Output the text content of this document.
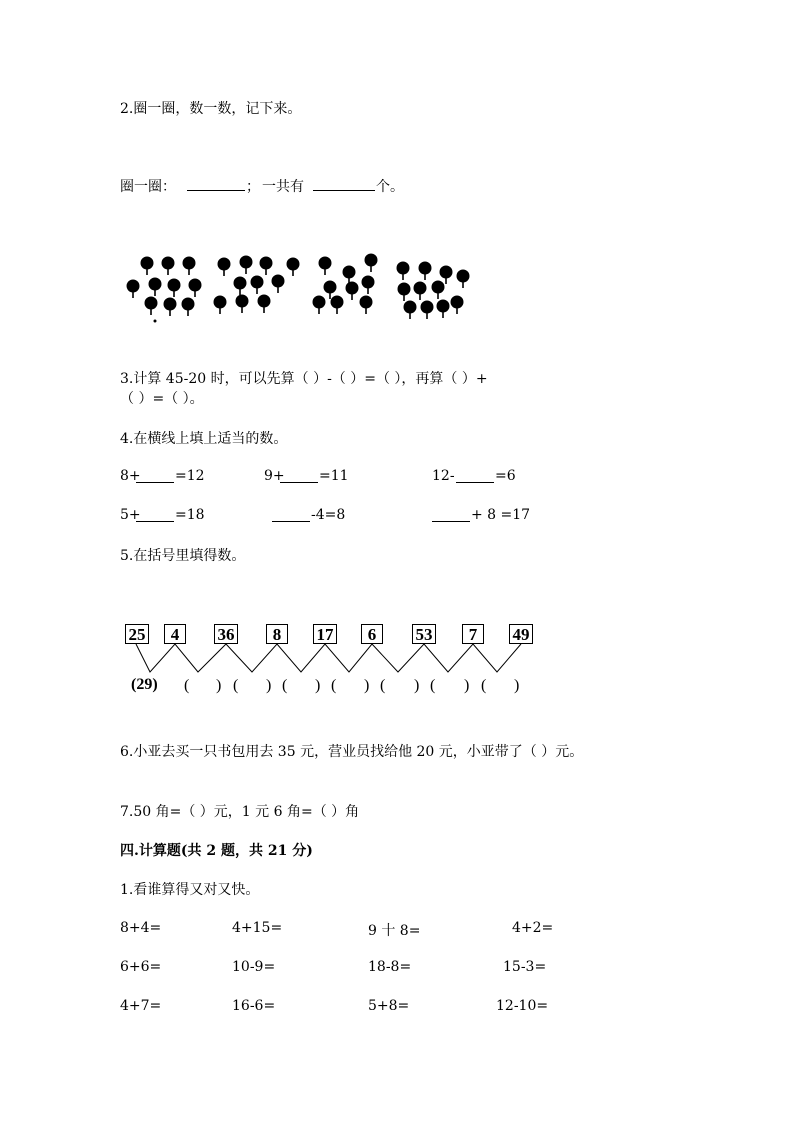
2.圈一圈，数一数，记下来。
圈一圈：	； 一共有	个。
3.计算 45-20 时，可以先算（ ）-（ ）=（ ），再算（ ）+
（ ）=（ ）。
4.在横线上填上适当的数。
8+ =12	9+ =11	12-	=6
5+ =18	-4=8	+ 8 =17
5.在括号里填得数。
25	4	36	8	17	6	53	7	49
(29) ( ) ( ) ( ) ( ) ( ) ( ) ( )
6.小亚去买一只书包用去 35 元，营业员找给他 20 元，小亚带了（ ）元。
7.50 角=（ ）元，1 元 6 角=（ ）角
四.计算题(共 2 题，共 21 分)
1.看谁算得又对又快。
8+4=	4+15=	9 十 8=	4+2=
6+6=	10-9=	18-8=	15-3=
4+7=	16-6=	5+8=	12-10=
